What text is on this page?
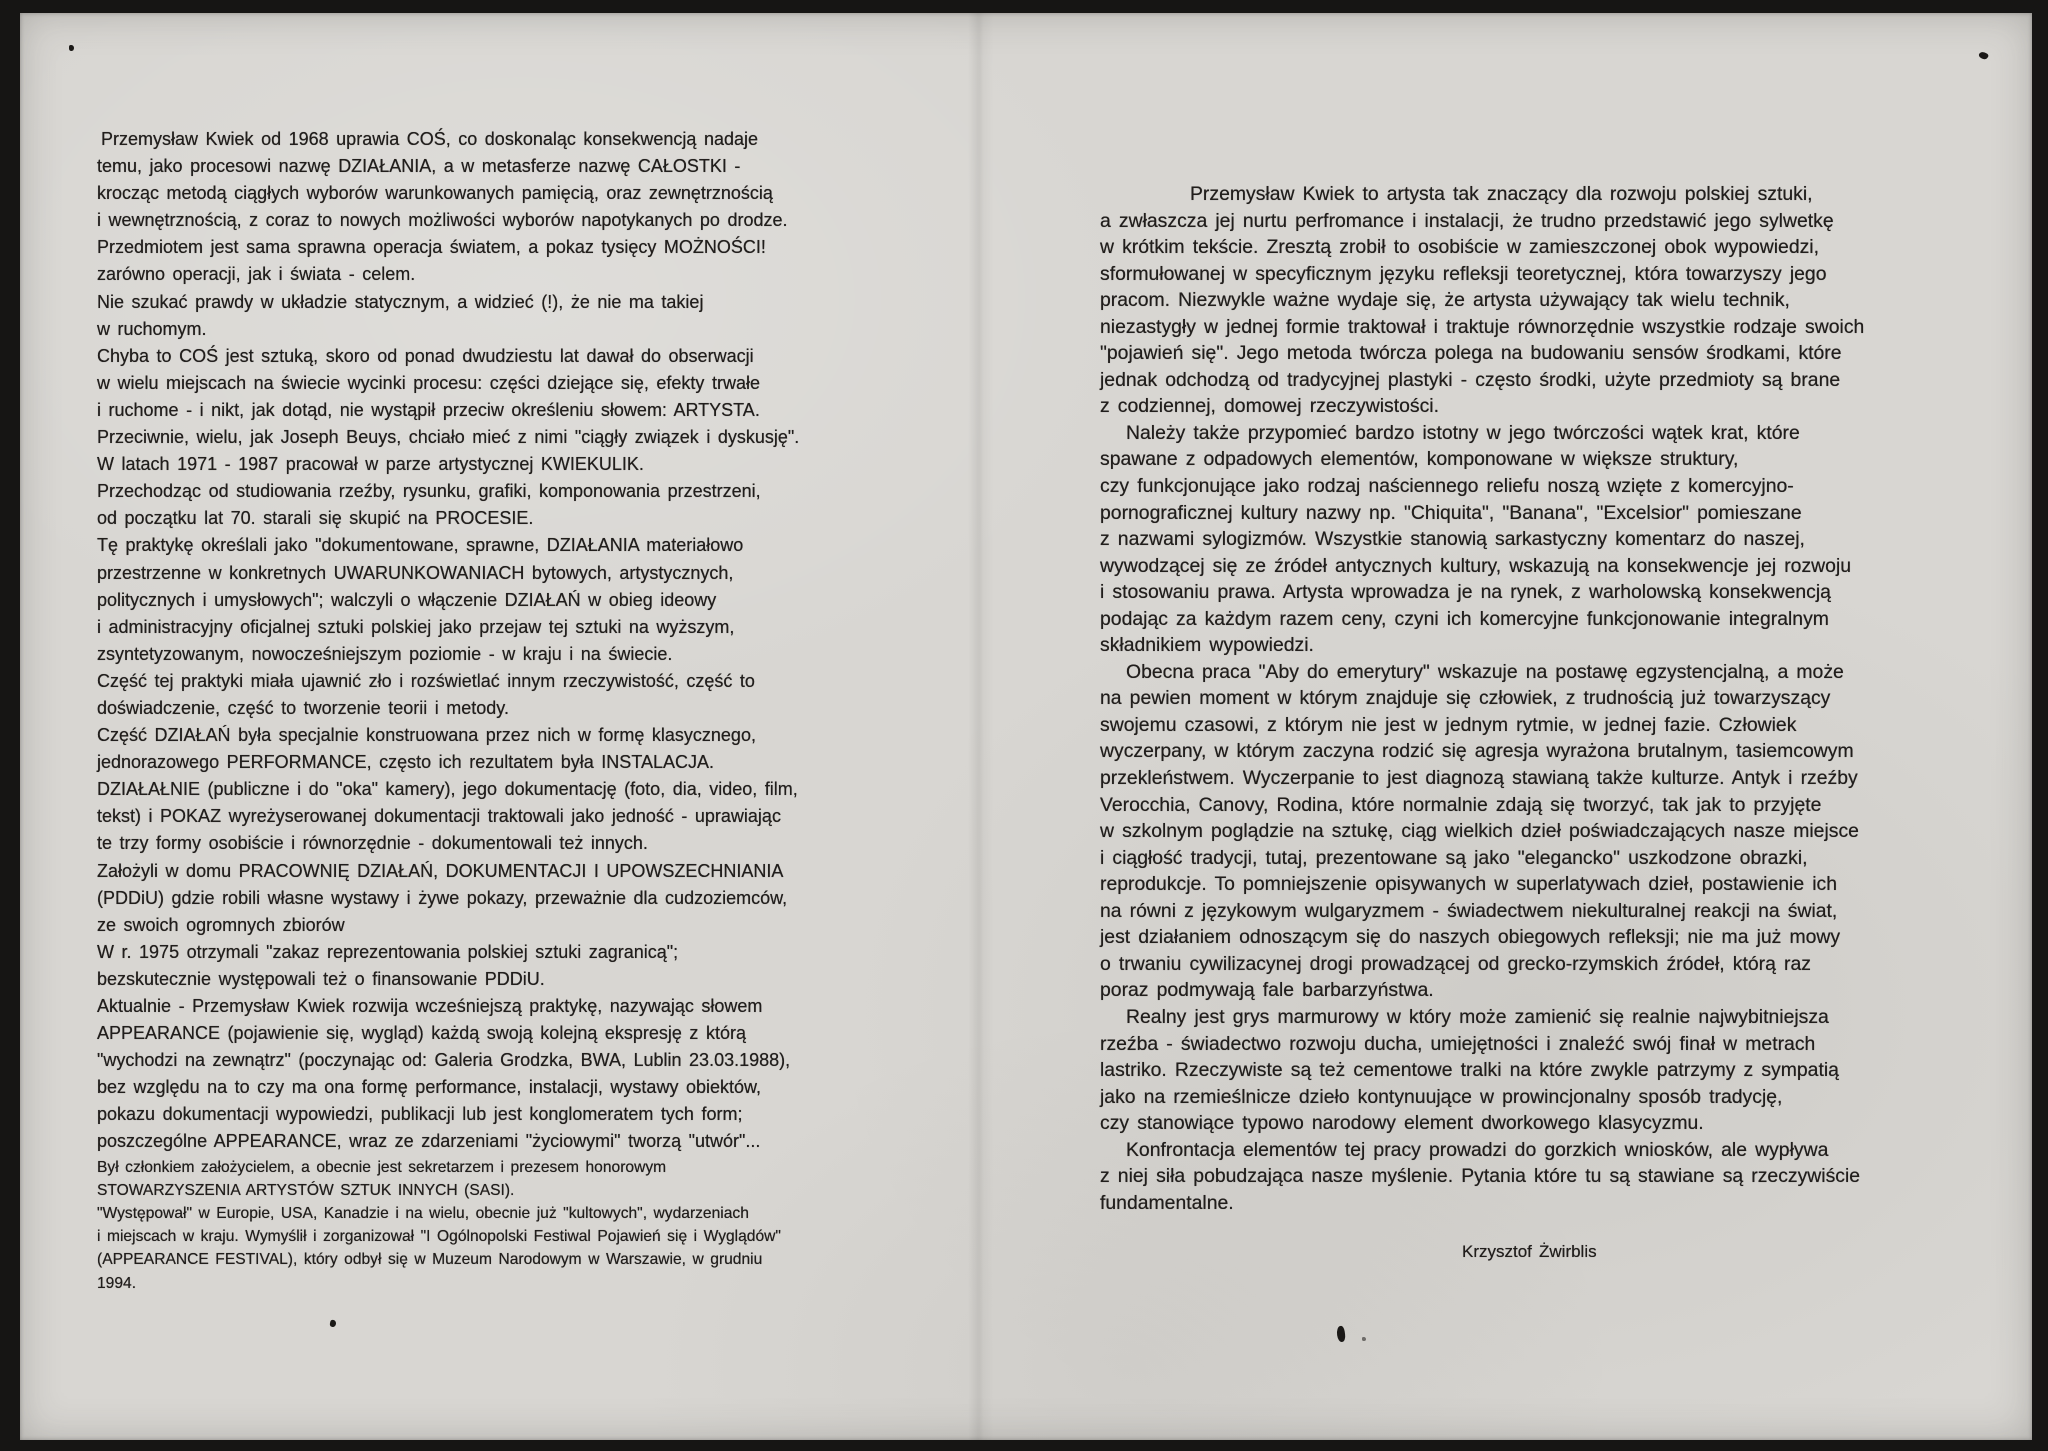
Przemysław Kwiek od 1968 uprawia COŚ, co doskonaląc konsekwencją nadaje
temu, jako procesowi nazwę DZIAŁANIA, a w metasferze nazwę CAŁOSTKI -
krocząc metodą ciągłych wyborów warunkowanych pamięcią, oraz zewnętrznością
i wewnętrznością, z coraz to nowych możliwości wyborów napotykanych po drodze.
Przedmiotem jest sama sprawna operacja światem, a pokaz tysięcy MOŻNOŚCI!
zarówno operacji, jak i świata - celem.
Nie szukać prawdy w układzie statycznym, a widzieć (!), że nie ma takiej
w ruchomym.
Chyba to COŚ jest sztuką, skoro od ponad dwudziestu lat dawał do obserwacji
w wielu miejscach na świecie wycinki procesu: części dziejące się, efekty trwałe
i ruchome - i nikt, jak dotąd, nie wystąpił przeciw określeniu słowem: ARTYSTA.
Przeciwnie, wielu, jak Joseph Beuys, chciało mieć z nimi "ciągły związek i dyskusję".
W latach 1971 - 1987 pracował w parze artystycznej KWIEKULIK.
Przechodząc od studiowania rzeźby, rysunku, grafiki, komponowania przestrzeni,
od początku lat 70. starali się skupić na PROCESIE.
Tę praktykę określali jako "dokumentowane, sprawne, DZIAŁANIA materiałowo
przestrzenne w konkretnych UWARUNKOWANIACH bytowych, artystycznych,
politycznych i umysłowych"; walczyli o włączenie DZIAŁAŃ w obieg ideowy
i administracyjny oficjalnej sztuki polskiej jako przejaw tej sztuki na wyższym,
zsyntetyzowanym, nowocześniejszym poziomie - w kraju i na świecie.
Część tej praktyki miała ujawnić zło i rozświetlać innym rzeczywistość, część to
doświadczenie, część to tworzenie teorii i metody.
Część DZIAŁAŃ była specjalnie konstruowana przez nich w formę klasycznego,
jednorazowego PERFORMANCE, często ich rezultatem była INSTALACJA.
DZIAŁAŁNIE (publiczne i do "oka" kamery), jego dokumentację (foto, dia, video, film,
tekst) i POKAZ wyreżyserowanej dokumentacji traktowali jako jedność - uprawiając
te trzy formy osobiście i równorzędnie - dokumentowali też innych.
Założyli w domu PRACOWNIĘ DZIAŁAŃ, DOKUMENTACJI I UPOWSZECHNIANIA
(PDDiU) gdzie robili własne wystawy i żywe pokazy, przeważnie dla cudzoziemców,
ze swoich ogromnych zbiorów
W r. 1975 otrzymali "zakaz reprezentowania polskiej sztuki zagranicą";
bezskutecznie występowali też o finansowanie PDDiU.
Aktualnie - Przemysław Kwiek rozwija wcześniejszą praktykę, nazywając słowem
APPEARANCE (pojawienie się, wygląd) każdą swoją kolejną ekspresję z którą
"wychodzi na zewnątrz" (poczynając od: Galeria Grodzka, BWA, Lublin 23.03.1988),
bez względu na to czy ma ona formę performance, instalacji, wystawy obiektów,
pokazu dokumentacji wypowiedzi, publikacji lub jest konglomeratem tych form;
poszczególne APPEARANCE, wraz ze zdarzeniami "życiowymi" tworzą "utwór"...
Był członkiem założycielem, a obecnie jest sekretarzem i prezesem honorowym
STOWARZYSZENIA ARTYSTÓW SZTUK INNYCH (SASI).
"Występował" w Europie, USA, Kanadzie i na wielu, obecnie już "kultowych", wydarzeniach
i miejscach w kraju. Wymyślił i zorganizował "I Ogólnopolski Festiwal Pojawień się i Wyglądów"
(APPEARANCE FESTIVAL), który odbył się w Muzeum Narodowym w Warszawie, w grudniu
1994.
Przemysław Kwiek to artysta tak znaczący dla rozwoju polskiej sztuki,
a zwłaszcza jej nurtu perfromance i instalacji, że trudno przedstawić jego sylwetkę
w krótkim tekście. Zresztą zrobił to osobiście w zamieszczonej obok wypowiedzi,
sformułowanej w specyficznym języku refleksji teoretycznej, która towarzyszy jego
pracom. Niezwykle ważne wydaje się, że artysta używający tak wielu technik,
niezastygły w jednej formie traktował i traktuje równorzędnie wszystkie rodzaje swoich
"pojawień się". Jego metoda twórcza polega na budowaniu sensów środkami, które
jednak odchodzą od tradycyjnej plastyki - często środki, użyte przedmioty są brane
z codziennej, domowej rzeczywistości.
Należy także przypomieć bardzo istotny w jego twórczości wątek krat, które
spawane z odpadowych elementów, komponowane w większe struktury,
czy funkcjonujące jako rodzaj naściennego reliefu noszą wzięte z komercyjno-
pornograficznej kultury nazwy np. "Chiquita", "Banana", "Excelsior" pomieszane
z nazwami sylogizmów. Wszystkie stanowią sarkastyczny komentarz do naszej,
wywodzącej się ze źródeł antycznych kultury, wskazują na konsekwencje jej rozwoju
i stosowaniu prawa. Artysta wprowadza je na rynek, z warholowską konsekwencją
podając za każdym razem ceny, czyni ich komercyjne funkcjonowanie integralnym
składnikiem wypowiedzi.
Obecna praca "Aby do emerytury" wskazuje na postawę egzystencjalną, a może
na pewien moment w którym znajduje się człowiek, z trudnością już towarzyszący
swojemu czasowi, z którym nie jest w jednym rytmie, w jednej fazie. Człowiek
wyczerpany, w którym zaczyna rodzić się agresja wyrażona brutalnym, tasiemcowym
przekleństwem. Wyczerpanie to jest diagnozą stawianą także kulturze. Antyk i rzeźby
Verocchia, Canovy, Rodina, które normalnie zdają się tworzyć, tak jak to przyjęte
w szkolnym poglądzie na sztukę, ciąg wielkich dzieł poświadczających nasze miejsce
i ciągłość tradycji, tutaj, prezentowane są jako "elegancko" uszkodzone obrazki,
reprodukcje. To pomniejszenie opisywanych w superlatywach dzieł, postawienie ich
na równi z językowym wulgaryzmem - świadectwem niekulturalnej reakcji na świat,
jest działaniem odnoszącym się do naszych obiegowych refleksji; nie ma już mowy
o trwaniu cywilizacynej drogi prowadzącej od grecko-rzymskich źródeł, którą raz
poraz podmywają fale barbarzyństwa.
Realny jest grys marmurowy w który może zamienić się realnie najwybitniejsza
rzeźba - świadectwo rozwoju ducha, umiejętności i znaleźć swój finał w metrach
lastriko. Rzeczywiste są też cementowe tralki na które zwykle patrzymy z sympatią
jako na rzemieślnicze dzieło kontynuujące w prowincjonalny sposób tradycję,
czy stanowiące typowo narodowy element dworkowego klasycyzmu.
Konfrontacja elementów tej pracy prowadzi do gorzkich wniosków, ale wypływa
z niej siła pobudzająca nasze myślenie. Pytania które tu są stawiane są rzeczywiście
fundamentalne.
Krzysztof Żwirblis
